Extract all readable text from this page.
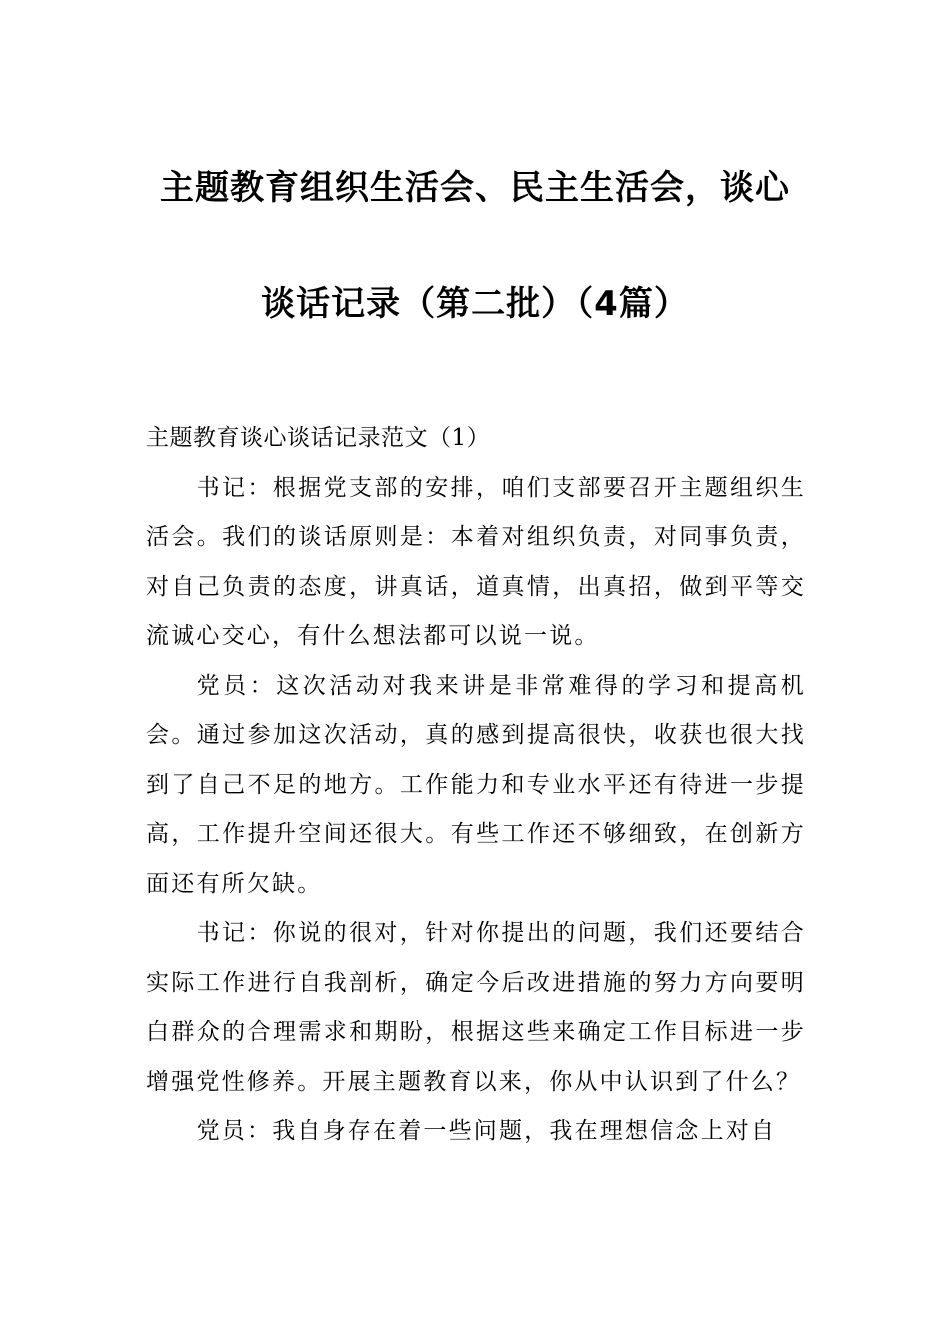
主题教育组织生活会、民主生活会，谈心
谈话记录（第二批）（4篇）

主题教育谈心谈话记录范文（1）

书记：根据党支部的安排，咱们支部要召开主题组织生活会。我们的谈话原则是：本着对组织负责，对同事负责，对自己负责的态度，讲真话，道真情，出真招，做到平等交流诚心交心，有什么想法都可以说一说。

党员：这次活动对我来讲是非常难得的学习和提高机会。通过参加这次活动，真的感到提高很快，收获也很大找到了自己不足的地方。工作能力和专业水平还有待进一步提高，工作提升空间还很大。有些工作还不够细致，在创新方面还有所欠缺。

书记：你说的很对，针对你提出的问题，我们还要结合实际工作进行自我剖析，确定今后改进措施的努力方向要明白群众的合理需求和期盼，根据这些来确定工作目标进一步增强党性修养。开展主题教育以来，你从中认识到了什么？

党员：我自身存在着一些问题，我在理想信念上对自
